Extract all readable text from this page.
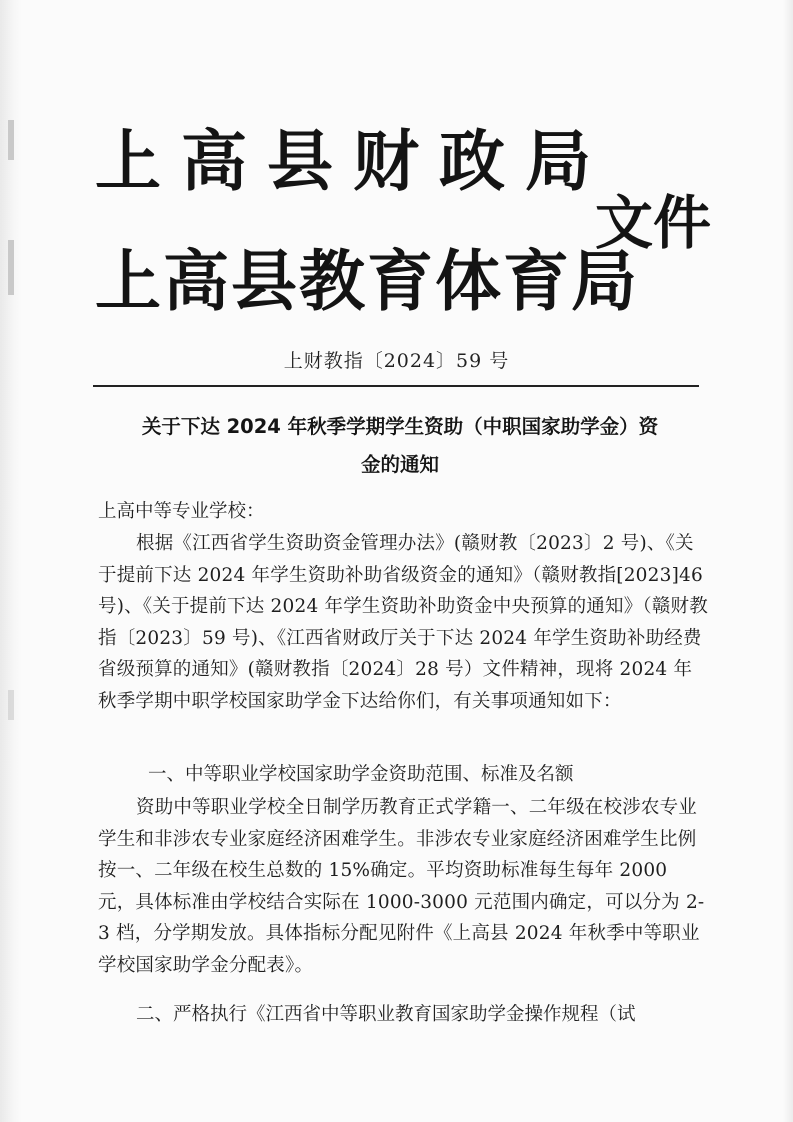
上高县财政局
文件
上高县教育体育局
上财教指〔2024〕59 号
关于下达 2024 年秋季学期学生资助（中职国家助学金）资
金的通知
上高中等专业学校：

根据《江西省学生资助资金管理办法》(赣财教〔2023〕2 号)、《关于提前下达 2024 年学生资助补助省级资金的通知》（赣财教指[2023]46 号)、《关于提前下达 2024 年学生资助补助资金中央预算的通知》（赣财教指〔2023〕59 号)、《江西省财政厅关于下达 2024 年学生资助补助经费省级预算的通知》(赣财教指〔2024〕28 号）文件精神，现将 2024 年秋季学期中职学校国家助学金下达给你们，有关事项通知如下：

一、中等职业学校国家助学金资助范围、标准及名额

资助中等职业学校全日制学历教育正式学籍一、二年级在校涉农专业学生和非涉农专业家庭经济困难学生。非涉农专业家庭经济困难学生比例按一、二年级在校生总数的 15%确定。平均资助标准每生每年 2000 元，具体标准由学校结合实际在 1000-3000 元范围内确定，可以分为 2-3 档，分学期发放。具体指标分配见附件《上高县 2024 年秋季中等职业学校国家助学金分配表》。

二、严格执行《江西省中等职业教育国家助学金操作规程（试
